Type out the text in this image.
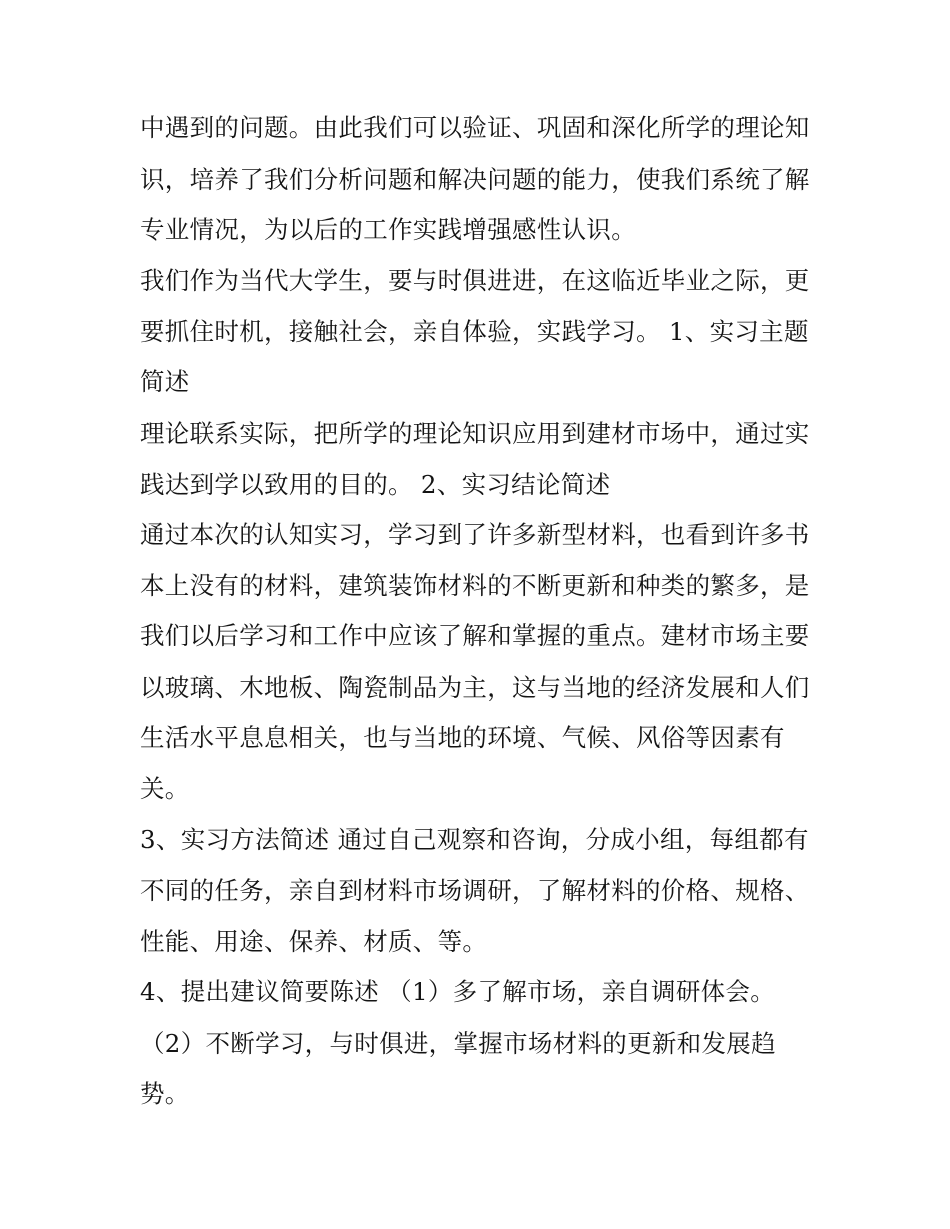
中遇到的问题。由此我们可以验证、巩固和深化所学的理论知
识，培养了我们分析问题和解决问题的能力，使我们系统了解
专业情况，为以后的工作实践增强感性认识。
我们作为当代大学生，要与时俱进进，在这临近毕业之际，更
要抓住时机，接触社会，亲自体验，实践学习。 1、实习主题
简述
理论联系实际，把所学的理论知识应用到建材市场中，通过实
践达到学以致用的目的。 2、实习结论简述
通过本次的认知实习，学习到了许多新型材料，也看到许多书
本上没有的材料，建筑装饰材料的不断更新和种类的繁多，是
我们以后学习和工作中应该了解和掌握的重点。建材市场主要
以玻璃、木地板、陶瓷制品为主，这与当地的经济发展和人们
生活水平息息相关，也与当地的环境、气候、风俗等因素有
关。
3、实习方法简述 通过自己观察和咨询，分成小组，每组都有
不同的任务，亲自到材料市场调研，了解材料的价格、规格、
性能、用途、保养、材质、等。
4、提出建议简要陈述 （1）多了解市场，亲自调研体会。
（2）不断学习，与时俱进，掌握市场材料的更新和发展趋
势。
